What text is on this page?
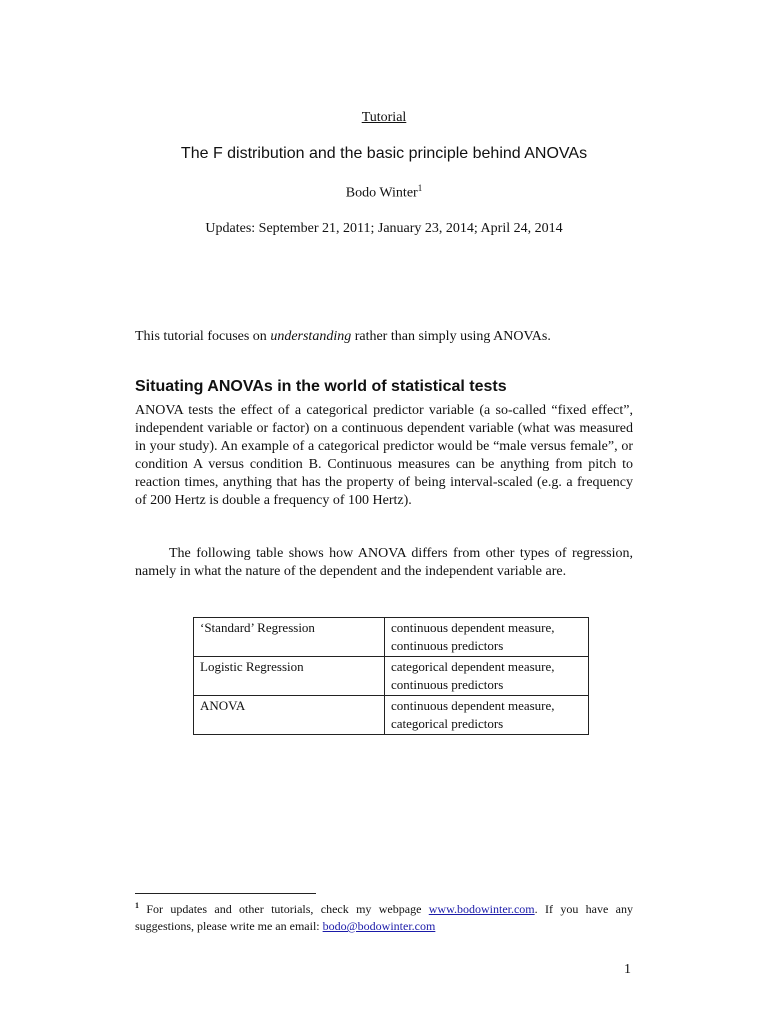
Tutorial
The F distribution and the basic principle behind ANOVAs
Bodo Winter$^1$
Updates: September 21, 2011; January 23, 2014; April 24, 2014
This tutorial focuses on understanding rather than simply using ANOVAs.
Situating ANOVAs in the world of statistical tests
ANOVA tests the effect of a categorical predictor variable (a so-called “fixed effect”, independent variable or factor) on a continuous dependent variable (what was measured in your study). An example of a categorical predictor would be “male versus female”, or condition A versus condition B. Continuous measures can be anything from pitch to reaction times, anything that has the property of being interval-scaled (e.g. a frequency of 200 Hertz is double a frequency of 100 Hertz).
The following table shows how ANOVA differs from other types of regression, namely in what the nature of the dependent and the independent variable are.
‘Standard’ Regression	continuous dependent measure, continuous predictors
Logistic Regression	categorical dependent measure, continuous predictors
ANOVA	continuous dependent measure, categorical predictors
$^1$ For updates and other tutorials, check my webpage www.bodowinter.com. If you have any suggestions, please write me an email: bodo@bodowinter.com
1
